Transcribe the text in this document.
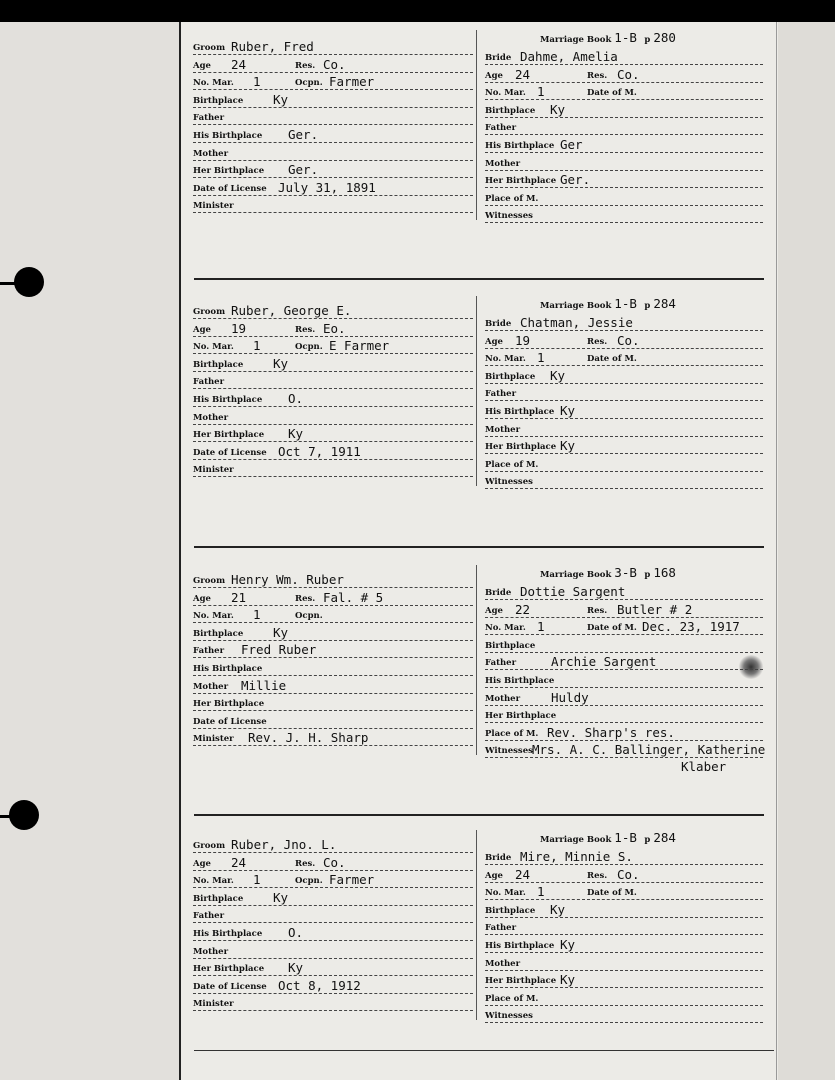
Marriage Book 1-B p 280
Groom Ruber, Fred
Age 24	Res. Co.
No. Mar. 1	Ocpn. Farmer
Birthplace Ky
Father
His Birthplace Ger.
Mother
Her Birthplace Ger.
Date of License July 31, 1891
Minister
Bride Dahme, Amelia
Age 24	Res. Co.
No. Mar. 1	Date of M.
Birthplace Ky
Father
His Birthplace Ger
Mother
Her Birthplace Ger.
Place of M.
Witnesses
Marriage Book 1-B p 284
Groom Ruber, George E.
Age 19	Res. Eo.
No. Mar. 1	Ocpn. E Farmer
Birthplace Ky
Father
His Birthplace O.
Mother
Her Birthplace Ky
Date of License Oct 7, 1911
Minister
Bride Chatman, Jessie
Age 19	Res. Co.
No. Mar. 1	Date of M.
Birthplace Ky
Father
His Birthplace Ky
Mother
Her Birthplace Ky
Place of M.
Witnesses
Marriage Book 3-B p 168
Groom Henry Wm. Ruber
Age 21	Res. Fal. # 5
No. Mar. 1	Ocpn.
Birthplace Ky
Father Fred Ruber
His Birthplace
Mother Millie
Her Birthplace
Date of License
Minister Rev. J. H. Sharp
Bride Dottie Sargent
Age 22	Res. Butler # 2
No. Mar. 1	Date of M. Dec. 23, 1917
Birthplace
Father	Archie Sargent
His Birthplace
Mother Huldy
Her Birthplace
Place of M. Rev. Sharp's res.
Witnesses Mrs. A. C. Ballinger, Katherine
Klaber
Marriage Book 1-B p 284
Groom Ruber, Jno. L.
Age 24	Res. Co.
No. Mar. 1	Ocpn. Farmer
Birthplace Ky
Father
His Birthplace O.
Mother
Her Birthplace Ky
Date of License Oct 8, 1912
Minister
Bride Mire, Minnie S.
Age 24	Res. Co.
No. Mar. 1	Date of M.
Birthplace Ky
Father
His Birthplace Ky
Mother
Her Birthplace Ky
Place of M.
Witnesses
